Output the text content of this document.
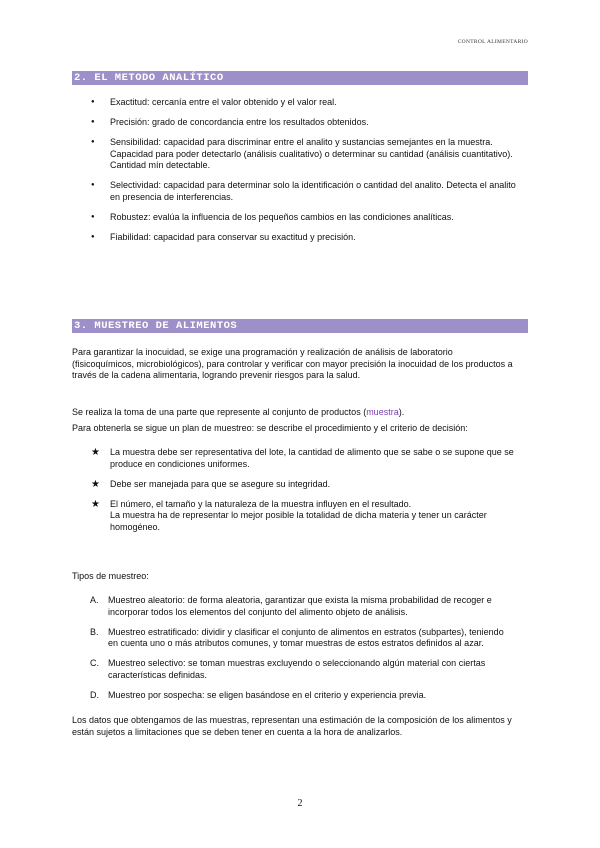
CONTROL ALIMENTARIO
2. EL METODO ANALÍTICO
● Exactitud: cercanía entre el valor obtenido y el valor real.
● Precisión: grado de concordancia entre los resultados obtenidos.
● Sensibilidad: capacidad para discriminar entre el analito y sustancias semejantes en la muestra.
Capacidad para poder detectarlo (análisis cualitativo) o determinar su cantidad (análisis cuantitativo).
Cantidad mín detectable.
● Selectividad: capacidad para determinar solo la identificación o cantidad del analito. Detecta el analito
en presencia de interferencias.
● Robustez: evalúa la influencia de los pequeños cambios en las condiciones analíticas.
● Fiabilidad: capacidad para conservar su exactitud y precisión.
3. MUESTREO DE ALIMENTOS
Para garantizar la inocuidad, se exige una programación y realización de análisis de laboratorio
(fisicoquímicos, microbiológicos), para controlar y verificar con mayor precisión la inocuidad de los productos a
través de la cadena alimentaria, logrando prevenir riesgos para la salud.
Se realiza la toma de una parte que represente al conjunto de productos (muestra).
Para obtenerla se sigue un plan de muestreo: se describe el procedimiento y el criterio de decisión:
★ La muestra debe ser representativa del lote, la cantidad de alimento que se sabe o se supone que se
produce en condiciones uniformes.
★ Debe ser manejada para que se asegure su integridad.
★ El número, el tamaño y la naturaleza de la muestra influyen en el resultado.
La muestra ha de representar lo mejor posible la totalidad de dicha materia y tener un carácter
homogéneo.
Tipos de muestreo:
A. Muestreo aleatorio: de forma aleatoria, garantizar que exista la misma probabilidad de recoger e
incorporar todos los elementos del conjunto del alimento objeto de análisis.
B. Muestreo estratificado: dividir y clasificar el conjunto de alimentos en estratos (subpartes), teniendo
en cuenta uno o más atributos comunes, y tomar muestras de estos estratos definidos al azar.
C. Muestreo selectivo: se toman muestras excluyendo o seleccionando algún material con ciertas
características definidas.
D. Muestreo por sospecha: se eligen basándose en el criterio y experiencia previa.
Los datos que obtengamos de las muestras, representan una estimación de la composición de los alimentos y
están sujetos a limitaciones que se deben tener en cuenta a la hora de analizarlos.
2
